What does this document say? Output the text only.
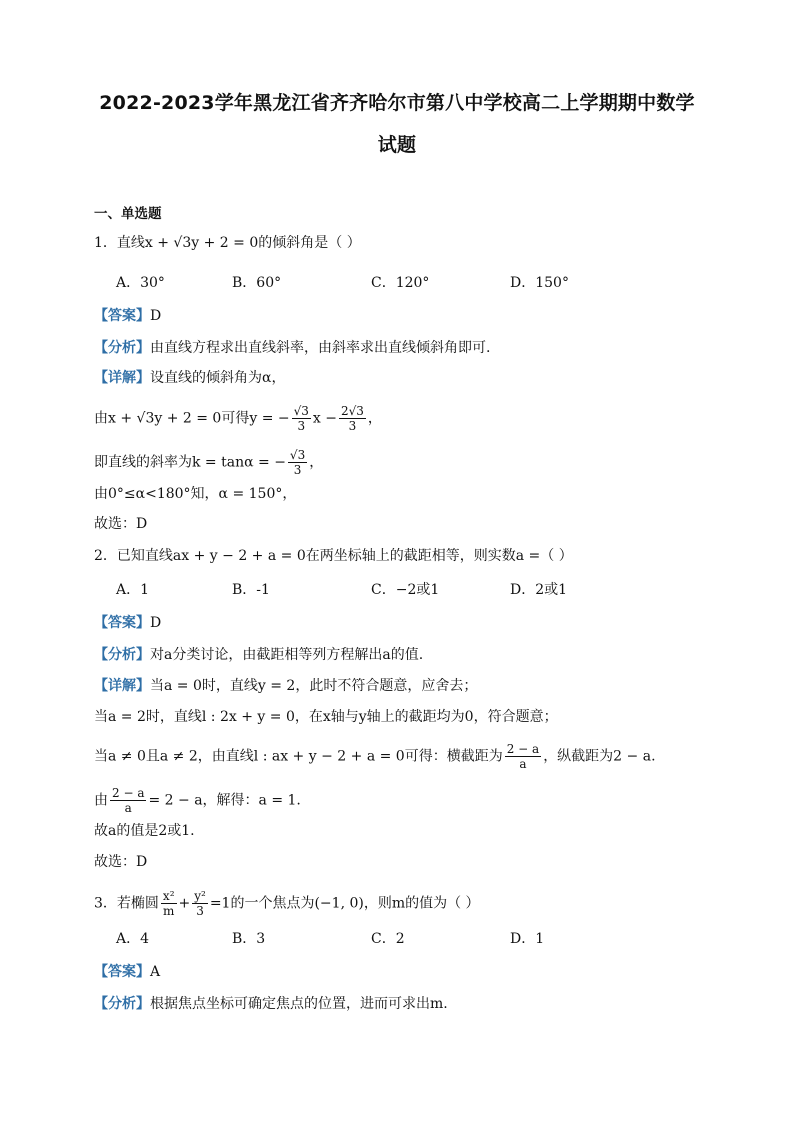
2022-2023学年黑龙江省齐齐哈尔市第八中学校高二上学期期中数学
试题
一、单选题
1．直线x + √3y + 2 = 0的倾斜角是（ ）
A．30°	B．60°	C．120°	D．150°
【答案】D
【分析】由直线方程求出直线斜率，由斜率求出直线倾斜角即可.
【详解】设直线的倾斜角为α，
由x + √3y + 2 = 0可得y = − $\frac{√3}{3}$ $x - \frac{2√3}{3}$ ，
即直线的斜率为k = tanα = − $\frac{√3}{3}$ ，
由0°≤α<180°知，α = 150°，
故选：D
2．已知直线ax + y − 2 + a = 0在两坐标轴上的截距相等，则实数a =（ ）
A．1	B．-1	C．−2或1	D．2或1
【答案】D
【分析】对a分类讨论，由截距相等列方程解出a的值.
【详解】当a = 0时，直线y = 2，此时不符合题意，应舍去；
当a = 2时，直线l : 2x + y = 0，在x轴与y轴上的截距均为0，符合题意；
当a ≠ 0且a ≠ 2，由直线l : ax + y − 2 + a = 0可得：横截距为 $\frac{2 - a}{a}$ ，纵截距为2 − a.
由 $\frac{2 - a}{a} = 2 - a$，解得：a = 1.
故a的值是2或1.
故选：D
3．若椭圆 $\frac{\text{x²}}{m} + \frac{\text{y²}}{3} =1$的一个焦点为(−1, 0)，则m的值为（ ）
A．4	B．3	C．2	D．1
【答案】A
【分析】根据焦点坐标可确定焦点的位置，进而可求出m.
